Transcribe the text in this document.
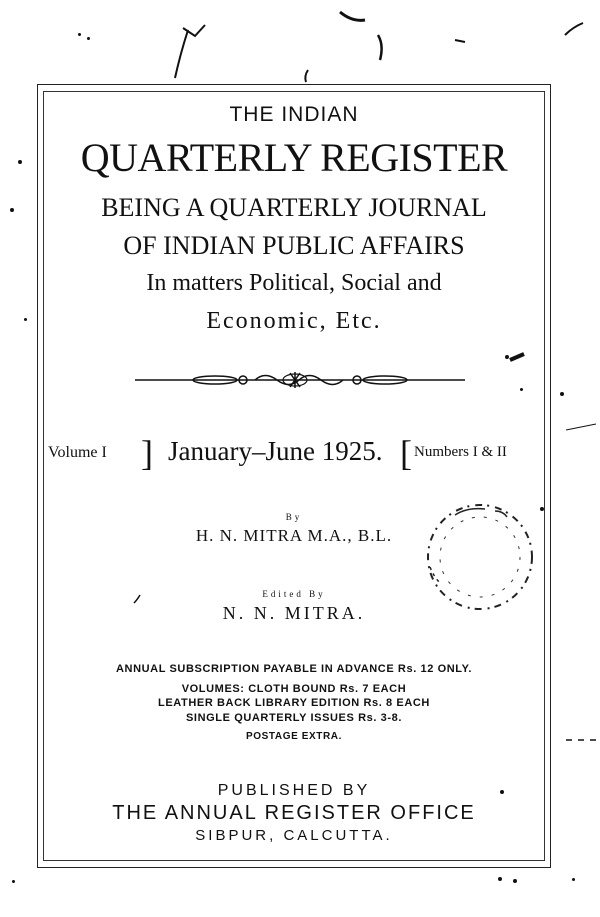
THE INDIAN
QUARTERLY REGISTER
BEING A QUARTERLY JOURNAL
OF INDIAN PUBLIC AFFAIRS
In matters Political, Social and
Economic, Etc.
Volume I ] January–June 1925. [ Numbers I & II
By
H. N. MITRA M.A., B.L.
Edited By
N. N. MITRA.
ANNUAL SUBSCRIPTION PAYABLE IN ADVANCE Rs. 12 ONLY.
VOLUMES: CLOTH BOUND Rs. 7 EACH
LEATHER BACK LIBRARY EDITION Rs. 8 EACH
SINGLE QUARTERLY ISSUES Rs. 3-8.
POSTAGE EXTRA.
PUBLISHED BY
THE ANNUAL REGISTER OFFICE
SIBPUR, CALCUTTA.
